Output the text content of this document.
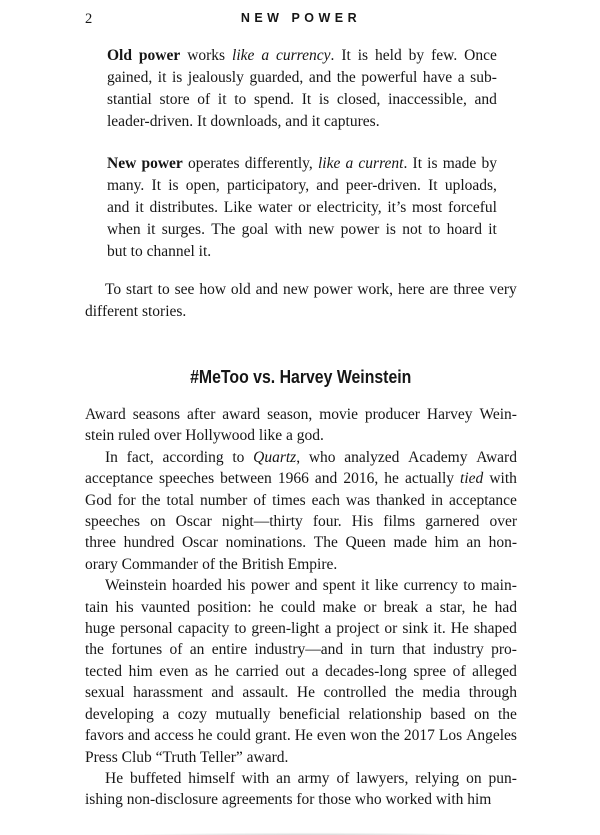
2	NEW POWER
Old power works like a currency. It is held by few. Once
gained, it is jealously guarded, and the powerful have a sub-
stantial store of it to spend. It is closed, inaccessible, and
leader-driven. It downloads, and it captures.
New power operates differently, like a current. It is made by
many. It is open, participatory, and peer-driven. It uploads,
and it distributes. Like water or electricity, it’s most forceful
when it surges. The goal with new power is not to hoard it
but to channel it.
To start to see how old and new power work, here are three very
different stories.
#MeToo vs. Harvey Weinstein
Award seasons after award season, movie producer Harvey Wein-
stein ruled over Hollywood like a god.
In fact, according to Quartz, who analyzed Academy Award
acceptance speeches between 1966 and 2016, he actually tied with
God for the total number of times each was thanked in acceptance
speeches on Oscar night—thirty four. His films garnered over
three hundred Oscar nominations. The Queen made him an hon-
orary Commander of the British Empire.
Weinstein hoarded his power and spent it like currency to main-
tain his vaunted position: he could make or break a star, he had
huge personal capacity to green-light a project or sink it. He shaped
the fortunes of an entire industry—and in turn that industry pro-
tected him even as he carried out a decades-long spree of alleged
sexual harassment and assault. He controlled the media through
developing a cozy mutually beneficial relationship based on the
favors and access he could grant. He even won the 2017 Los Angeles
Press Club “Truth Teller” award.
He buffeted himself with an army of lawyers, relying on pun-
ishing non-disclosure agreements for those who worked with him
